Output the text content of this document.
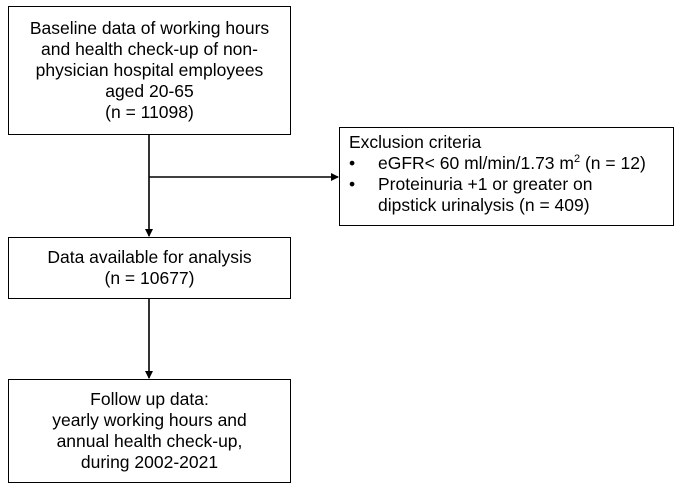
Baseline data of working hours
and health check-up of non-
physician hospital employees
aged 20-65
(n = 11098)
Exclusion criteria
•	eGFR< 60 ml/min/1.73 $m^2$ (n = 12)
•	Proteinuria +1 or greater on
dipstick urinalysis (n = 409)
Data available for analysis
(n = 10677)
Follow up data:
yearly working hours and
annual health check-up,
during 2002-2021
